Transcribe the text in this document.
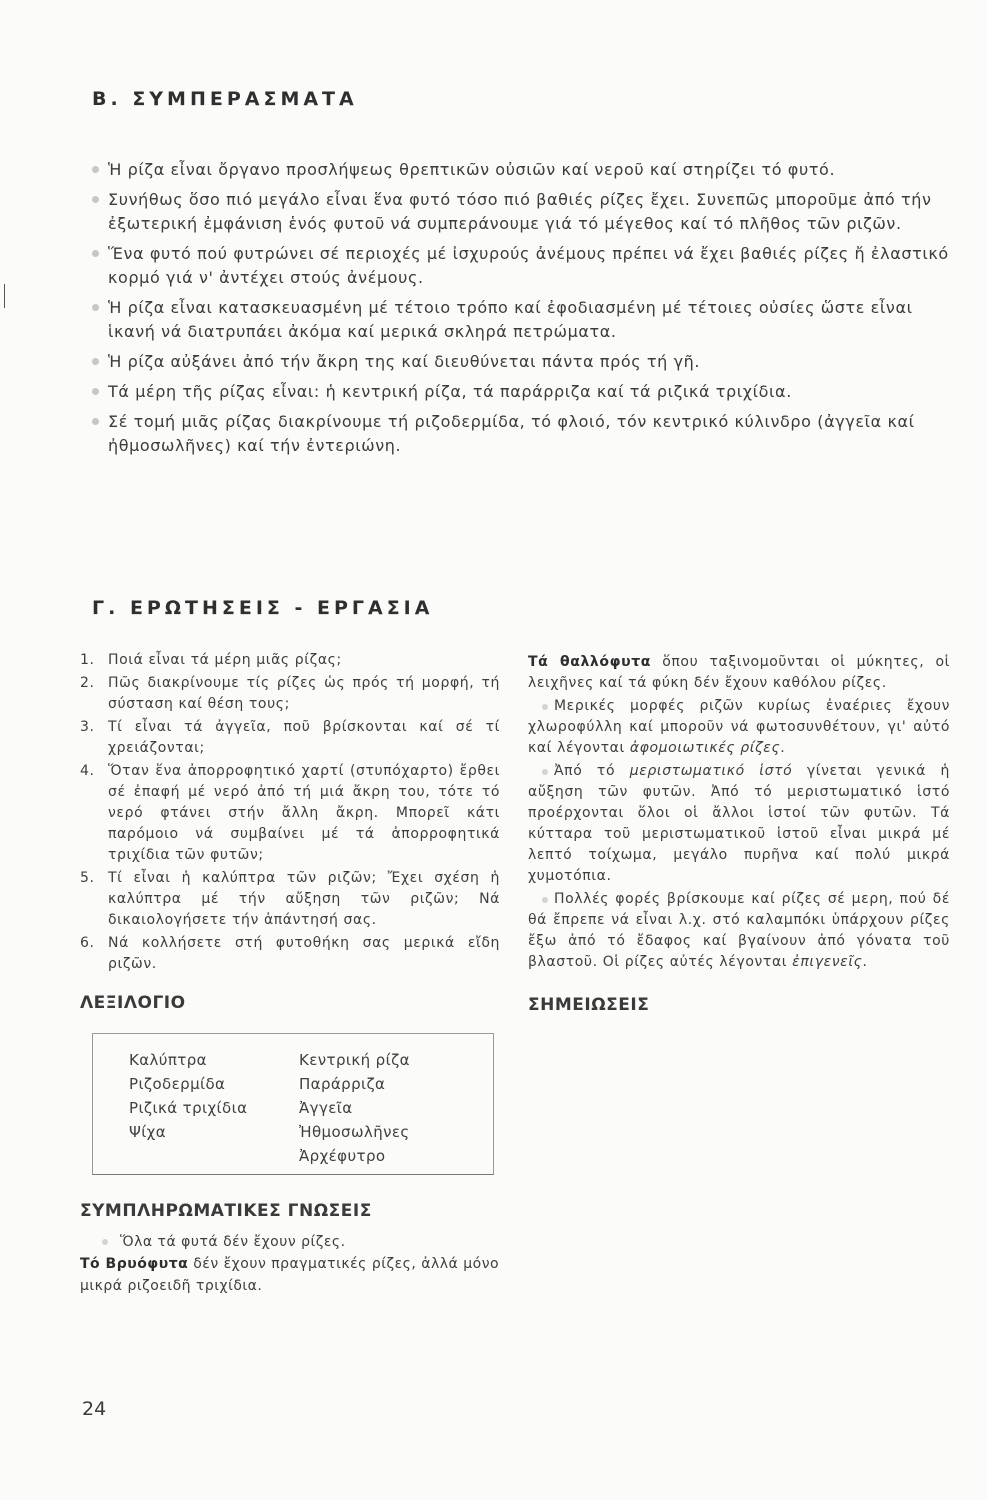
Β. ΣΥΜΠΕΡΑΣΜΑΤΑ
Ἡ ρίζα εἶναι ὄργανο προσλήψεως θρεπτικῶν οὐσιῶν καί νεροῦ καί στηρίζει τό φυτό.
Συνήθως ὅσο πιό μεγάλο εἶναι ἕνα φυτό τόσο πιό βαθιές ρίζες ἔχει. Συνεπῶς μποροῦμε ἀπό τήν ἐξωτερική ἐμφάνιση ἑνός φυτοῦ νά συμπεράνουμε γιά τό μέγεθος καί τό πλῆθος τῶν ριζῶν.
Ἕνα φυτό πού φυτρώνει σέ περιοχές μέ ἰσχυρούς ἀνέμους πρέπει νά ἔχει βαθιές ρίζες ἤ ἐλαστικό κορμό γιά ν' ἀντέχει στούς ἀνέμους.
Ἡ ρίζα εἶναι κατασκευασμένη μέ τέτοιο τρόπο καί ἐφοδιασμένη μέ τέτοιες οὐσίες ὥστε εἶναι ἱκανή νά διατρυπάει ἀκόμα καί μερικά σκληρά πετρώματα.
Ἡ ρίζα αὐξάνει ἀπό τήν ἄκρη της καί διευθύνεται πάντα πρός τή γῆ.
Τά μέρη τῆς ρίζας εἶναι: ἡ κεντρική ρίζα, τά παράρριζα καί τά ριζικά τριχίδια.
Σέ τομή μιᾶς ρίζας διακρίνουμε τή ριζοδερμίδα, τό φλοιό, τόν κεντρικό κύλινδρο (ἀγγεῖα καί ἠθμοσωλῆνες) καί τήν ἐντεριώνη.
Γ. ΕΡΩΤΗΣΕΙΣ - ΕΡΓΑΣΙΑ
1. Ποιά εἶναι τά μέρη μιᾶς ρίζας;
2. Πῶς διακρίνουμε τίς ρίζες ὡς πρός τή μορφή, τή σύσταση καί θέση τους;
3. Τί εἶναι τά ἀγγεῖα, ποῦ βρίσκονται καί σέ τί χρειάζονται;
4. Ὅταν ἕνα ἀπορροφητικό χαρτί (στυπόχαρτο) ἔρθει σέ ἐπαφή μέ νερό ἀπό τή μιά ἄκρη του, τότε τό νερό φτάνει στήν ἄλλη ἄκρη. Μπορεῖ κάτι παρόμοιο νά συμβαίνει μέ τά ἀπορροφητικά τριχίδια τῶν φυτῶν;
5. Τί εἶναι ἡ καλύπτρα τῶν ριζῶν; Ἔχει σχέση ἡ καλύπτρα μέ τήν αὔξηση τῶν ριζῶν; Νά δικαιολογήσετε τήν ἀπάντησή σας.
6. Νά κολλήσετε στή φυτοθήκη σας μερικά εἴδη ριζῶν.
ΛΕΞΙΛΟΓΙΟ
Καλύπτρα
Ριζοδερμίδα
Ριζικά τριχίδια
Ψίχα
Κεντρική ρίζα
Παράρριζα
Ἀγγεῖα
Ἠθμοσωλῆνες
Ἀρχέφυτρο
ΣΥΜΠΛΗΡΩΜΑΤΙΚΕΣ ΓΝΩΣΕΙΣ

Ὅλα τά φυτά δέν ἔχουν ρίζες.

Τό Βρυόφυτα δέν ἔχουν πραγματικές ρίζες, ἀλλά μόνο μικρά ριζοειδῆ τριχίδια.

Τά θαλλόφυτα ὅπου ταξινομοῦνται οἱ μύκητες, οἱ λειχῆνες καί τά φύκη δέν ἔχουν καθόλου ρίζες.

Μερικές μορφές ριζῶν κυρίως ἐναέριες ἔχουν χλωροφύλλη καί μποροῦν νά φωτοσυνθέτουν, γι' αὐτό καί λέγονται ἀφομοιωτικές ρίζες.

Ἀπό τό μεριστωματικό ἱστό γίνεται γενικά ἡ αὔξηση τῶν φυτῶν. Ἀπό τό μεριστωματικό ἱστό προέρχονται ὅλοι οἱ ἄλλοι ἱστοί τῶν φυτῶν. Τά κύτταρα τοῦ μεριστωματικοῦ ἱστοῦ εἶναι μικρά μέ λεπτό τοίχωμα, μεγάλο πυρῆνα καί πολύ μικρά χυμοτόπια.

Πολλές φορές βρίσκουμε καί ρίζες σέ μερη, πού δέ θά ἔπρεπε νά εἶναι λ.χ. στό καλαμπόκι ὑπάρχουν ρίζες ἔξω ἀπό τό ἔδαφος καί βγαίνουν ἀπό γόνατα τοῦ βλαστοῦ. Οἱ ρίζες αὐτές λέγονται ἐπιγενεῖς.

ΣΗΜΕΙΩΣΕΙΣ
24
